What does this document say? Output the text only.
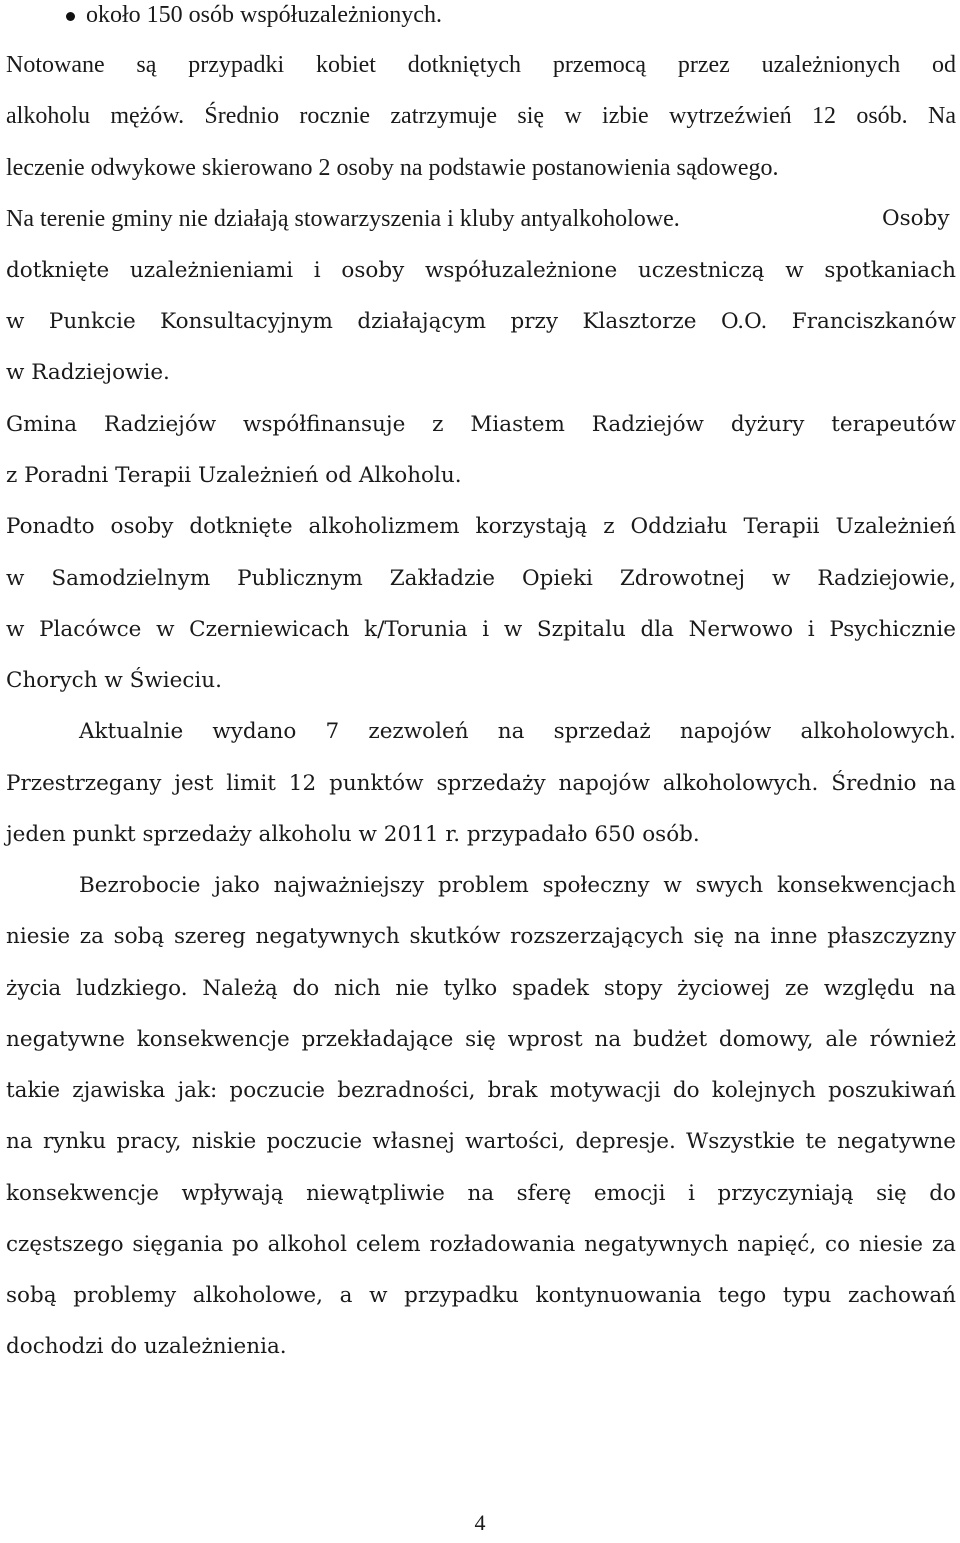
około 150 osób współuzależnionych.

Notowane są przypadki kobiet dotkniętych przemocą przez uzależnionych od

alkoholu mężów. Średnio rocznie zatrzymuje się w izbie wytrzeźwień 12 osób. Na

leczenie odwykowe skierowano 2 osoby na podstawie postanowienia sądowego.

Na terenie gminy nie działają stowarzyszenia i kluby antyalkoholowe.	Osoby

dotknięte uzależnieniami i osoby współuzależnione uczestniczą w spotkaniach

w Punkcie Konsultacyjnym działającym przy Klasztorze O.O. Franciszkanów

w Radziejowie.

Gmina Radziejów współfinansuje z Miastem Radziejów dyżury terapeutów

z Poradni Terapii Uzależnień od Alkoholu.

Ponadto osoby dotknięte alkoholizmem korzystają z Oddziału Terapii Uzależnień

w Samodzielnym Publicznym Zakładzie Opieki Zdrowotnej w Radziejowie,

w Placówce w Czerniewicach k/Torunia i w Szpitalu dla Nerwowo i Psychicznie

Chorych w Świeciu.

Aktualnie wydano 7 zezwoleń na sprzedaż napojów alkoholowych.

Przestrzegany jest limit 12 punktów sprzedaży napojów alkoholowych. Średnio na

jeden punkt sprzedaży alkoholu w 2011 r. przypadało 650 osób.

Bezrobocie jako najważniejszy problem społeczny w swych konsekwencjach

niesie za sobą szereg negatywnych skutków rozszerzających się na inne płaszczyzny

życia ludzkiego. Należą do nich nie tylko spadek stopy życiowej ze względu na

negatywne konsekwencje przekładające się wprost na budżet domowy, ale również

takie zjawiska jak: poczucie bezradności, brak motywacji do kolejnych poszukiwań

na rynku pracy, niskie poczucie własnej wartości, depresje. Wszystkie te negatywne

konsekwencje wpływają niewątpliwie na sferę emocji i przyczyniają się do

częstszego sięgania po alkohol celem rozładowania negatywnych napięć, co niesie za

sobą problemy alkoholowe, a w przypadku kontynuowania tego typu zachowań

dochodzi do uzależnienia.

4
